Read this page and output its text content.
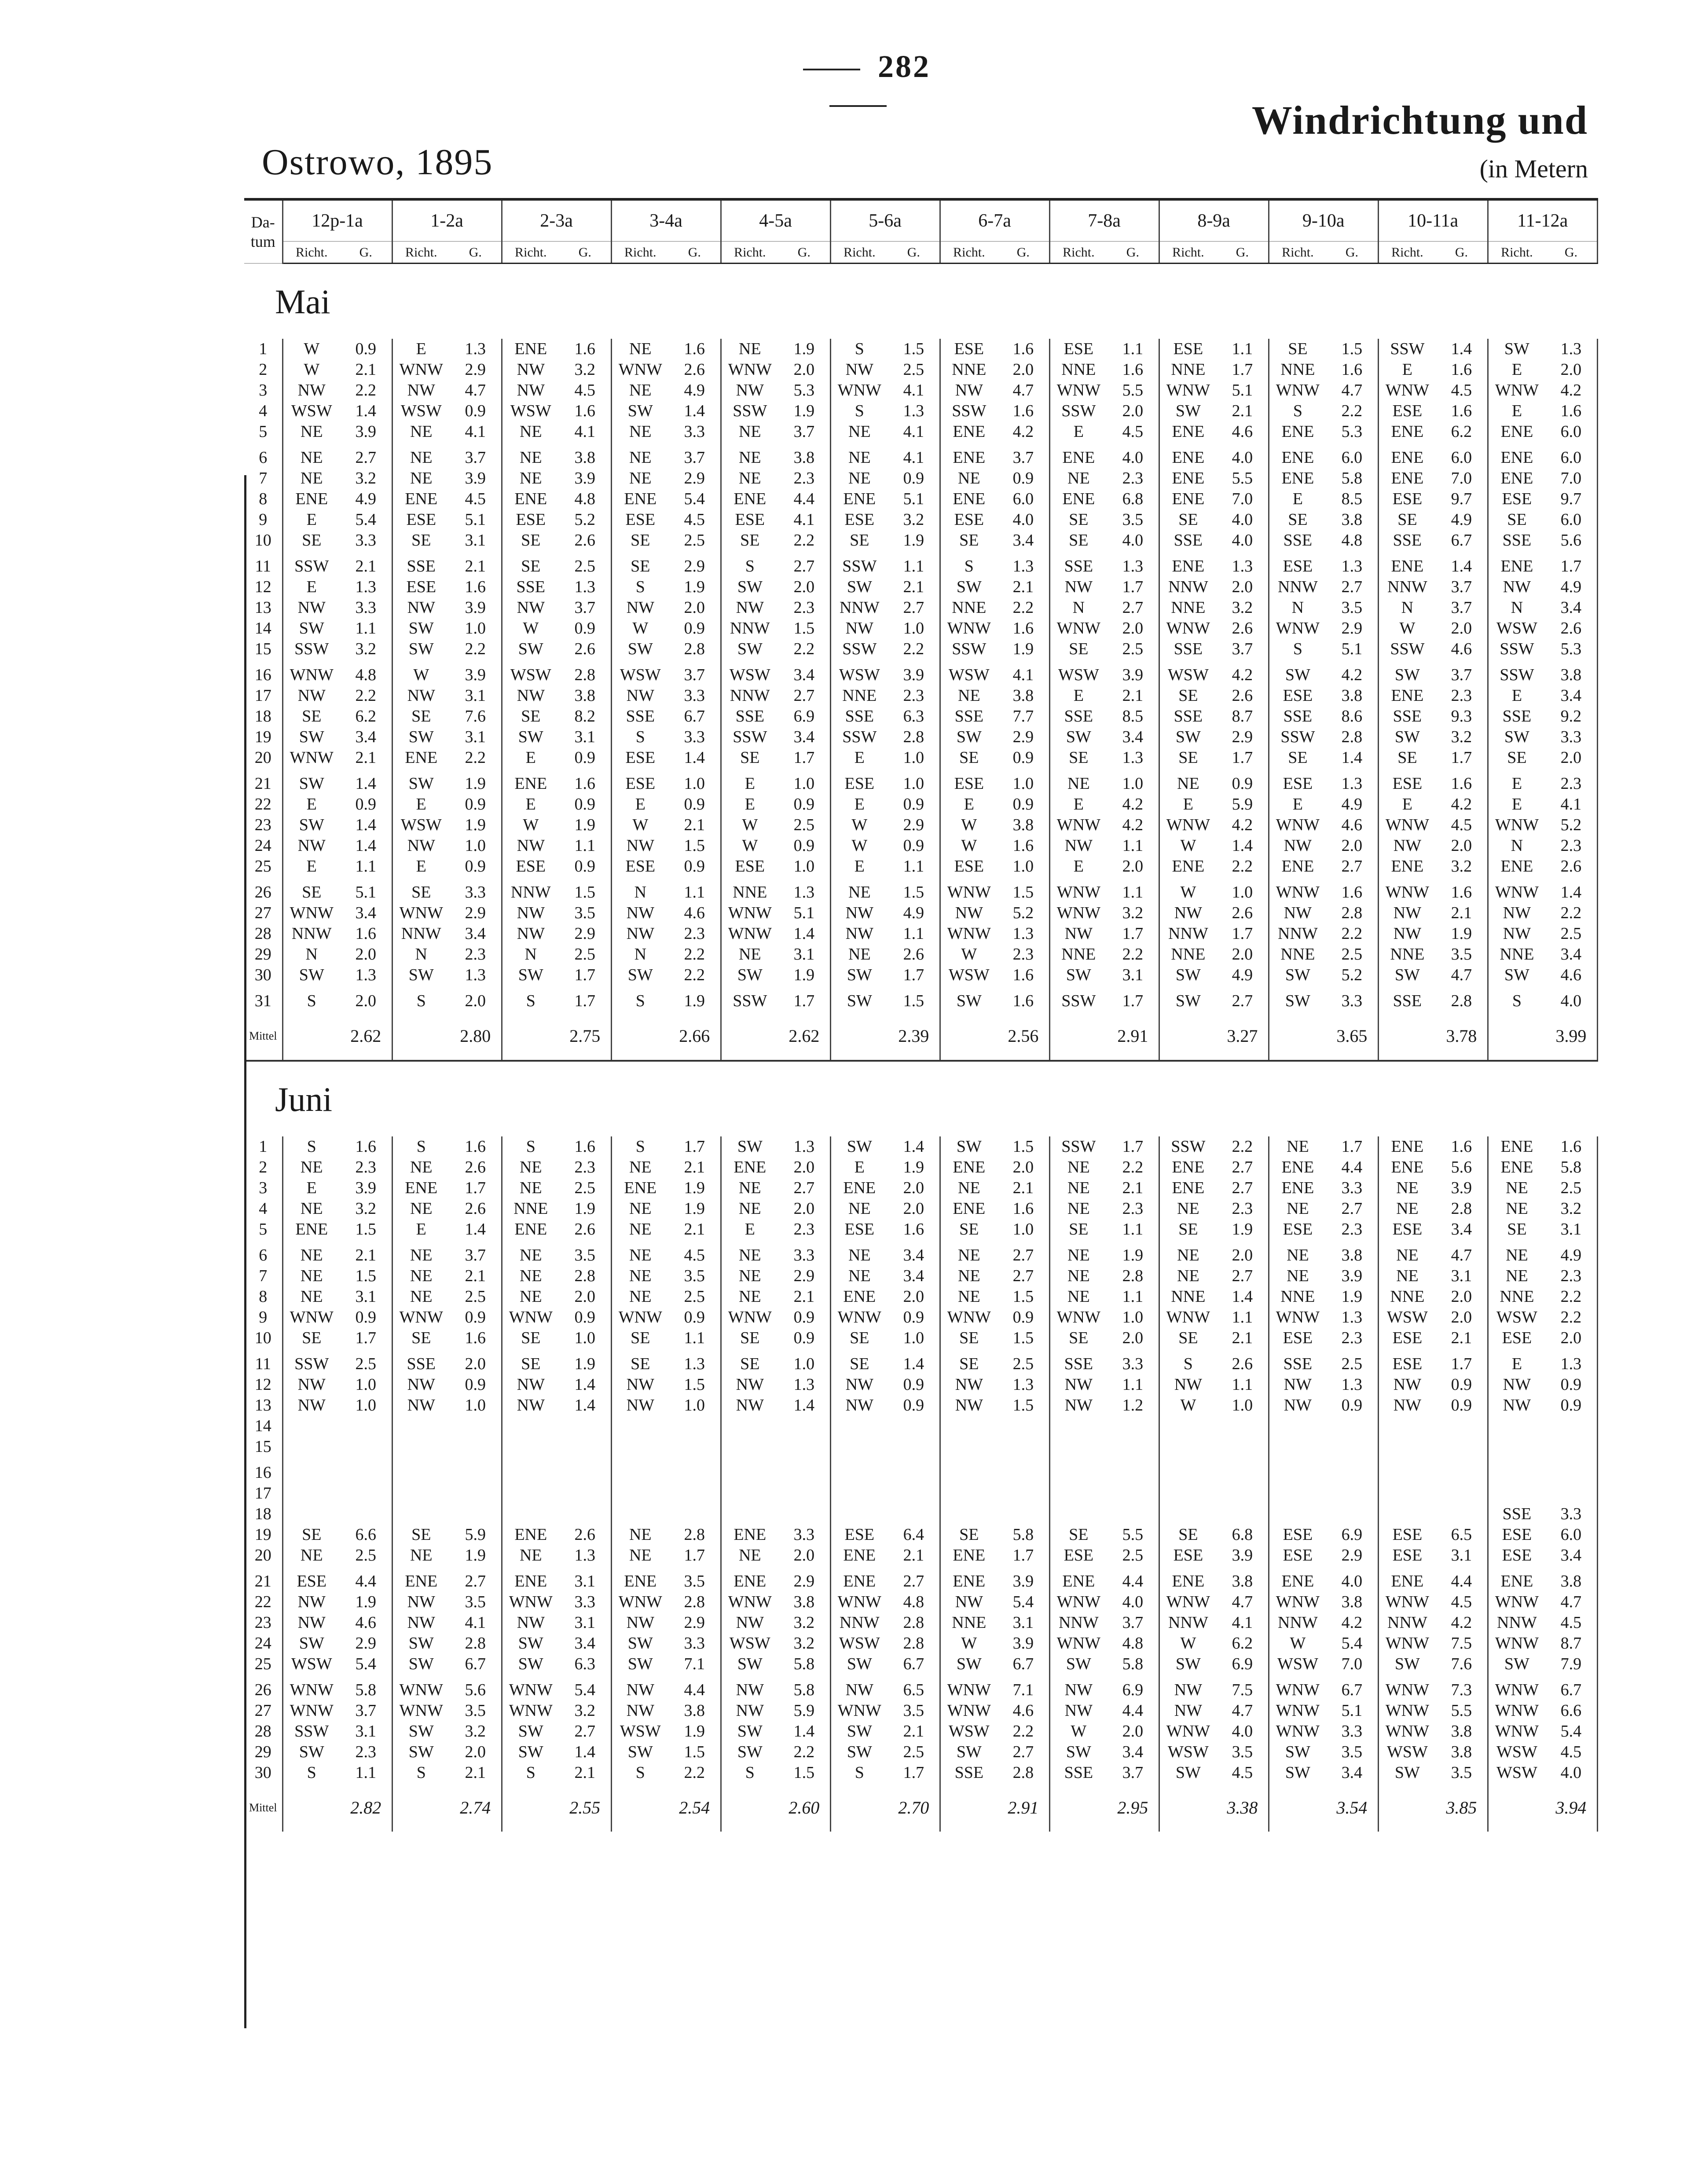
282
Ostrowo, 1895
Windrichtung und
(in Metern
Da-
tum	12p-1a		1-2a		2-3a		3-4a		4-5a		5-6a		6-7a		7-8a		8-9a		9-10a		10-11a		11-12a	
	Richt.	G.	Richt.	G.	Richt.	G.	Richt.	G.	Richt.	G.	Richt.	G.	Richt.	G.	Richt.	G.	Richt.	G.	Richt.	G.	Richt.	G.	Richt.	G.
Mai																								
1	W	0.9	E	1.3	ENE	1.6	NE	1.6	NE	1.9	S	1.5	ESE	1.6	ESE	1.1	ESE	1.1	SE	1.5	SSW	1.4	SW	1.3
2	W	2.1	WNW	2.9	NW	3.2	WNW	2.6	WNW	2.0	NW	2.5	NNE	2.0	NNE	1.6	NNE	1.7	NNE	1.6	E	1.6	E	2.0
3	NW	2.2	NW	4.7	NW	4.5	NE	4.9	NW	5.3	WNW	4.1	NW	4.7	WNW	5.5	WNW	5.1	WNW	4.7	WNW	4.5	WNW	4.2
4	WSW	1.4	WSW	0.9	WSW	1.6	SW	1.4	SSW	1.9	S	1.3	SSW	1.6	SSW	2.0	SW	2.1	S	2.2	ESE	1.6	E	1.6
5	NE	3.9	NE	4.1	NE	4.1	NE	3.3	NE	3.7	NE	4.1	ENE	4.2	E	4.5	ENE	4.6	ENE	5.3	ENE	6.2	ENE	6.0
6	NE	2.7	NE	3.7	NE	3.8	NE	3.7	NE	3.8	NE	4.1	ENE	3.7	ENE	4.0	ENE	4.0	ENE	6.0	ENE	6.0	ENE	6.0
7	NE	3.2	NE	3.9	NE	3.9	NE	2.9	NE	2.3	NE	0.9	NE	0.9	NE	2.3	ENE	5.5	ENE	5.8	ENE	7.0	ENE	7.0
8	ENE	4.9	ENE	4.5	ENE	4.8	ENE	5.4	ENE	4.4	ENE	5.1	ENE	6.0	ENE	6.8	ENE	7.0	E	8.5	ESE	9.7	ESE	9.7
9	E	5.4	ESE	5.1	ESE	5.2	ESE	4.5	ESE	4.1	ESE	3.2	ESE	4.0	SE	3.5	SE	4.0	SE	3.8	SE	4.9	SE	6.0
10	SE	3.3	SE	3.1	SE	2.6	SE	2.5	SE	2.2	SE	1.9	SE	3.4	SE	4.0	SSE	4.0	SSE	4.8	SSE	6.7	SSE	5.6
11	SSW	2.1	SSE	2.1	SE	2.5	SE	2.9	S	2.7	SSW	1.1	S	1.3	SSE	1.3	ENE	1.3	ESE	1.3	ENE	1.4	ENE	1.7
12	E	1.3	ESE	1.6	SSE	1.3	S	1.9	SW	2.0	SW	2.1	SW	2.1	NW	1.7	NNW	2.0	NNW	2.7	NNW	3.7	NW	4.9
13	NW	3.3	NW	3.9	NW	3.7	NW	2.0	NW	2.3	NNW	2.7	NNE	2.2	N	2.7	NNE	3.2	N	3.5	N	3.7	N	3.4
14	SW	1.1	SW	1.0	W	0.9	W	0.9	NNW	1.5	NW	1.0	WNW	1.6	WNW	2.0	WNW	2.6	WNW	2.9	W	2.0	WSW	2.6
15	SSW	3.2	SW	2.2	SW	2.6	SW	2.8	SW	2.2	SSW	2.2	SSW	1.9	SE	2.5	SSE	3.7	S	5.1	SSW	4.6	SSW	5.3
16	WNW	4.8	W	3.9	WSW	2.8	WSW	3.7	WSW	3.4	WSW	3.9	WSW	4.1	WSW	3.9	WSW	4.2	SW	4.2	SW	3.7	SSW	3.8
17	NW	2.2	NW	3.1	NW	3.8	NW	3.3	NNW	2.7	NNE	2.3	NE	3.8	E	2.1	SE	2.6	ESE	3.8	ENE	2.3	E	3.4
18	SE	6.2	SE	7.6	SE	8.2	SSE	6.7	SSE	6.9	SSE	6.3	SSE	7.7	SSE	8.5	SSE	8.7	SSE	8.6	SSE	9.3	SSE	9.2
19	SW	3.4	SW	3.1	SW	3.1	S	3.3	SSW	3.4	SSW	2.8	SW	2.9	SW	3.4	SW	2.9	SSW	2.8	SW	3.2	SW	3.3
20	WNW	2.1	ENE	2.2	E	0.9	ESE	1.4	SE	1.7	E	1.0	SE	0.9	SE	1.3	SE	1.7	SE	1.4	SE	1.7	SE	2.0
21	SW	1.4	SW	1.9	ENE	1.6	ESE	1.0	E	1.0	ESE	1.0	ESE	1.0	NE	1.0	NE	0.9	ESE	1.3	ESE	1.6	E	2.3
22	E	0.9	E	0.9	E	0.9	E	0.9	E	0.9	E	0.9	E	0.9	E	4.2	E	5.9	E	4.9	E	4.2	E	4.1
23	SW	1.4	WSW	1.9	W	1.9	W	2.1	W	2.5	W	2.9	W	3.8	WNW	4.2	WNW	4.2	WNW	4.6	WNW	4.5	WNW	5.2
24	NW	1.4	NW	1.0	NW	1.1	NW	1.5	W	0.9	W	0.9	W	1.6	NW	1.1	W	1.4	NW	2.0	NW	2.0	N	2.3
25	E	1.1	E	0.9	ESE	0.9	ESE	0.9	ESE	1.0	E	1.1	ESE	1.0	E	2.0	ENE	2.2	ENE	2.7	ENE	3.2	ENE	2.6
26	SE	5.1	SE	3.3	NNW	1.5	N	1.1	NNE	1.3	NE	1.5	WNW	1.5	WNW	1.1	W	1.0	WNW	1.6	WNW	1.6	WNW	1.4
27	WNW	3.4	WNW	2.9	NW	3.5	NW	4.6	WNW	5.1	NW	4.9	NW	5.2	WNW	3.2	NW	2.6	NW	2.8	NW	2.1	NW	2.2
28	NNW	1.6	NNW	3.4	NW	2.9	NW	2.3	WNW	1.4	NW	1.1	WNW	1.3	NW	1.7	NNW	1.7	NNW	2.2	NW	1.9	NW	2.5
29	N	2.0	N	2.3	N	2.5	N	2.2	NE	3.1	NE	2.6	W	2.3	NNE	2.2	NNE	2.0	NNE	2.5	NNE	3.5	NNE	3.4
30	SW	1.3	SW	1.3	SW	1.7	SW	2.2	SW	1.9	SW	1.7	WSW	1.6	SW	3.1	SW	4.9	SW	5.2	SW	4.7	SW	4.6
31	S	2.0	S	2.0	S	1.7	S	1.9	SSW	1.7	SW	1.5	SW	1.6	SSW	1.7	SW	2.7	SW	3.3	SSE	2.8	S	4.0
Mittel		2.62		2.80		2.75		2.66		2.62		2.39		2.56		2.91		3.27		3.65		3.78		3.99
Juni																								
1	S	1.6	S	1.6	S	1.6	S	1.7	SW	1.3	SW	1.4	SW	1.5	SSW	1.7	SSW	2.2	NE	1.7	ENE	1.6	ENE	1.6
2	NE	2.3	NE	2.6	NE	2.3	NE	2.1	ENE	2.0	E	1.9	ENE	2.0	NE	2.2	ENE	2.7	ENE	4.4	ENE	5.6	ENE	5.8
3	E	3.9	ENE	1.7	NE	2.5	ENE	1.9	NE	2.7	ENE	2.0	NE	2.1	NE	2.1	ENE	2.7	ENE	3.3	NE	3.9	NE	2.5
4	NE	3.2	NE	2.6	NNE	1.9	NE	1.9	NE	2.0	NE	2.0	ENE	1.6	NE	2.3	NE	2.3	NE	2.7	NE	2.8	NE	3.2
5	ENE	1.5	E	1.4	ENE	2.6	NE	2.1	E	2.3	ESE	1.6	SE	1.0	SE	1.1	SE	1.9	ESE	2.3	ESE	3.4	SE	3.1
6	NE	2.1	NE	3.7	NE	3.5	NE	4.5	NE	3.3	NE	3.4	NE	2.7	NE	1.9	NE	2.0	NE	3.8	NE	4.7	NE	4.9
7	NE	1.5	NE	2.1	NE	2.8	NE	3.5	NE	2.9	NE	3.4	NE	2.7	NE	2.8	NE	2.7	NE	3.9	NE	3.1	NE	2.3
8	NE	3.1	NE	2.5	NE	2.0	NE	2.5	NE	2.1	ENE	2.0	NE	1.5	NE	1.1	NNE	1.4	NNE	1.9	NNE	2.0	NNE	2.2
9	WNW	0.9	WNW	0.9	WNW	0.9	WNW	0.9	WNW	0.9	WNW	0.9	WNW	0.9	WNW	1.0	WNW	1.1	WNW	1.3	WSW	2.0	WSW	2.2
10	SE	1.7	SE	1.6	SE	1.0	SE	1.1	SE	0.9	SE	1.0	SE	1.5	SE	2.0	SE	2.1	ESE	2.3	ESE	2.1	ESE	2.0
11	SSW	2.5	SSE	2.0	SE	1.9	SE	1.3	SE	1.0	SE	1.4	SE	2.5	SSE	3.3	S	2.6	SSE	2.5	ESE	1.7	E	1.3
12	NW	1.0	NW	0.9	NW	1.4	NW	1.5	NW	1.3	NW	0.9	NW	1.3	NW	1.1	NW	1.1	NW	1.3	NW	0.9	NW	0.9
13	NW	1.0	NW	1.0	NW	1.4	NW	1.0	NW	1.4	NW	0.9	NW	1.5	NW	1.2	W	1.0	NW	0.9	NW	0.9	NW	0.9
14																								
15																								
16																								
17																								
18																							SSE	3.3
19	SE	6.6	SE	5.9	ENE	2.6	NE	2.8	ENE	3.3	ESE	6.4	SE	5.8	SE	5.5	SE	6.8	ESE	6.9	ESE	6.5	ESE	6.0
20	NE	2.5	NE	1.9	NE	1.3	NE	1.7	NE	2.0	ENE	2.1	ENE	1.7	ESE	2.5	ESE	3.9	ESE	2.9	ESE	3.1	ESE	3.4
21	ESE	4.4	ENE	2.7	ENE	3.1	ENE	3.5	ENE	2.9	ENE	2.7	ENE	3.9	ENE	4.4	ENE	3.8	ENE	4.0	ENE	4.4	ENE	3.8
22	NW	1.9	NW	3.5	WNW	3.3	WNW	2.8	WNW	3.8	WNW	4.8	NW	5.4	WNW	4.0	WNW	4.7	WNW	3.8	WNW	4.5	WNW	4.7
23	NW	4.6	NW	4.1	NW	3.1	NW	2.9	NW	3.2	NNW	2.8	NNE	3.1	NNW	3.7	NNW	4.1	NNW	4.2	NNW	4.2	NNW	4.5
24	SW	2.9	SW	2.8	SW	3.4	SW	3.3	WSW	3.2	WSW	2.8	W	3.9	WNW	4.8	W	6.2	W	5.4	WNW	7.5	WNW	8.7
25	WSW	5.4	SW	6.7	SW	6.3	SW	7.1	SW	5.8	SW	6.7	SW	6.7	SW	5.8	SW	6.9	WSW	7.0	SW	7.6	SW	7.9
26	WNW	5.8	WNW	5.6	WNW	5.4	NW	4.4	NW	5.8	NW	6.5	WNW	7.1	NW	6.9	NW	7.5	WNW	6.7	WNW	7.3	WNW	6.7
27	WNW	3.7	WNW	3.5	WNW	3.2	NW	3.8	NW	5.9	WNW	3.5	WNW	4.6	NW	4.4	NW	4.7	WNW	5.1	WNW	5.5	WNW	6.6
28	SSW	3.1	SW	3.2	SW	2.7	WSW	1.9	SW	1.4	SW	2.1	WSW	2.2	W	2.0	WNW	4.0	WNW	3.3	WNW	3.8	WNW	5.4
29	SW	2.3	SW	2.0	SW	1.4	SW	1.5	SW	2.2	SW	2.5	SW	2.7	SW	3.4	WSW	3.5	SW	3.5	WSW	3.8	WSW	4.5
30	S	1.1	S	2.1	S	2.1	S	2.2	S	1.5	S	1.7	SSE	2.8	SSE	3.7	SW	4.5	SW	3.4	SW	3.5	WSW	4.0
Mittel		2.82		2.74		2.55		2.54		2.60		2.70		2.91		2.95		3.38		3.54		3.85		3.94
